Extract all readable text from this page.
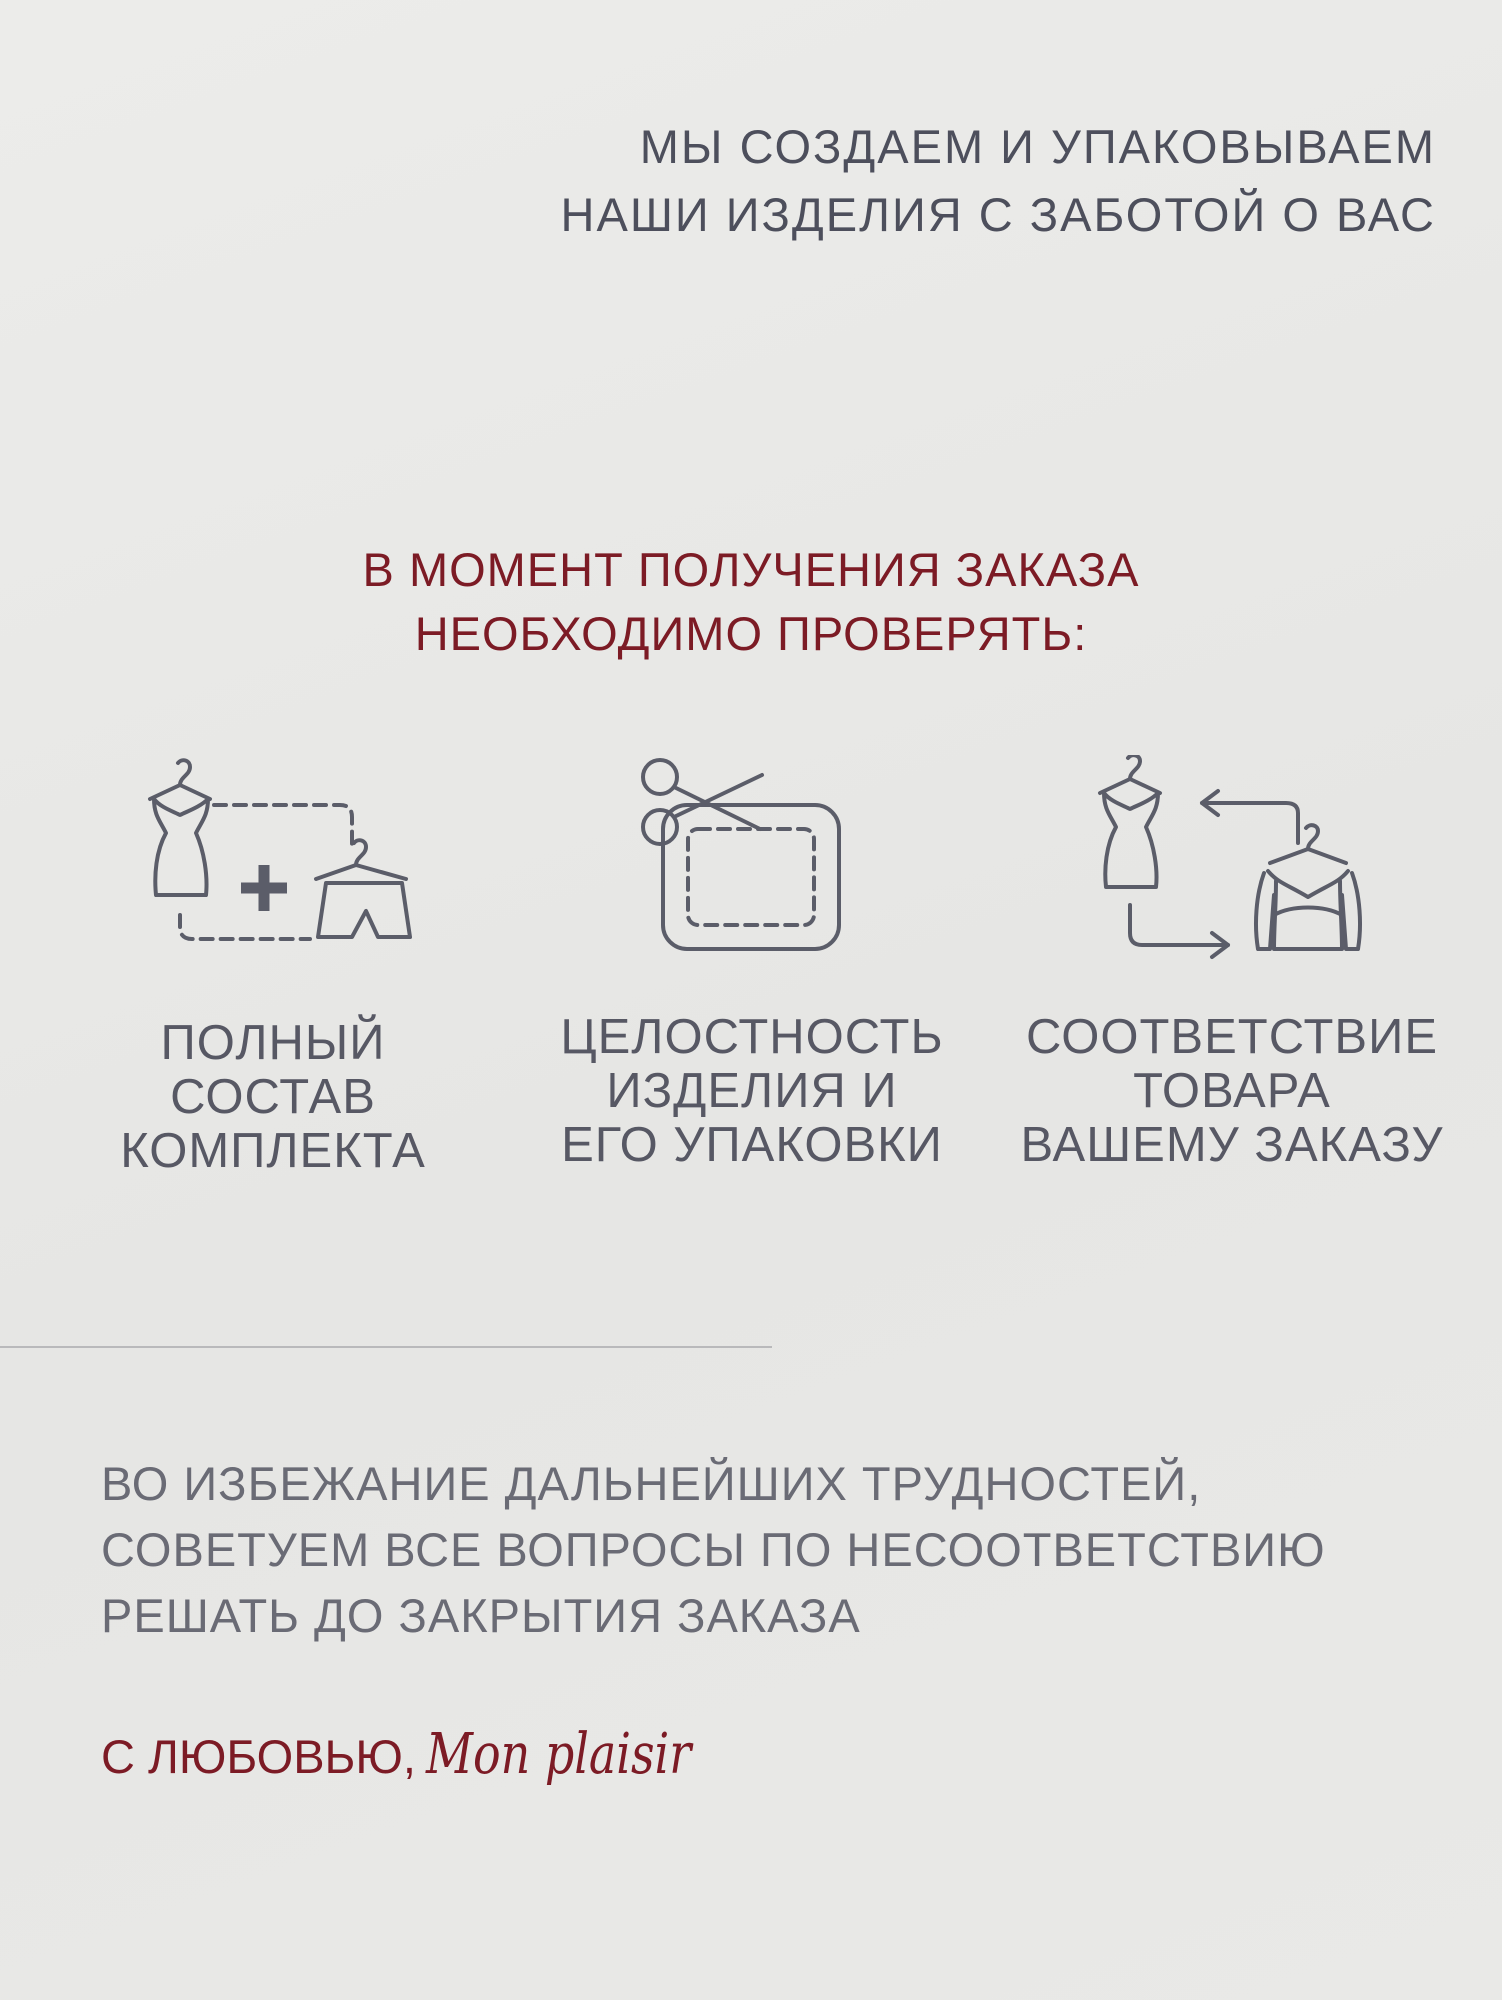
МЫ СОЗДАЕМ И УПАКОВЫВАЕМ
НАШИ ИЗДЕЛИЯ С ЗАБОТОЙ О ВАС
В МОМЕНТ ПОЛУЧЕНИЯ ЗАКАЗА
НЕОБХОДИМО ПРОВЕРЯТЬ:
ПОЛНЫЙ
СОСТАВ
КОМПЛЕКТА
ЦЕЛОСТНОСТЬ
ИЗДЕЛИЯ И
ЕГО УПАКОВКИ
СООТВЕТСТВИЕ
ТОВАРА
ВАШЕМУ ЗАКАЗУ
ВО ИЗБЕЖАНИЕ ДАЛЬНЕЙШИХ ТРУДНОСТЕЙ,
СОВЕТУЕМ ВСЕ ВОПРОСЫ ПО НЕСООТВЕТСТВИЮ
РЕШАТЬ ДО ЗАКРЫТИЯ ЗАКАЗА
С ЛЮБОВЬЮ, Mon plaisir
